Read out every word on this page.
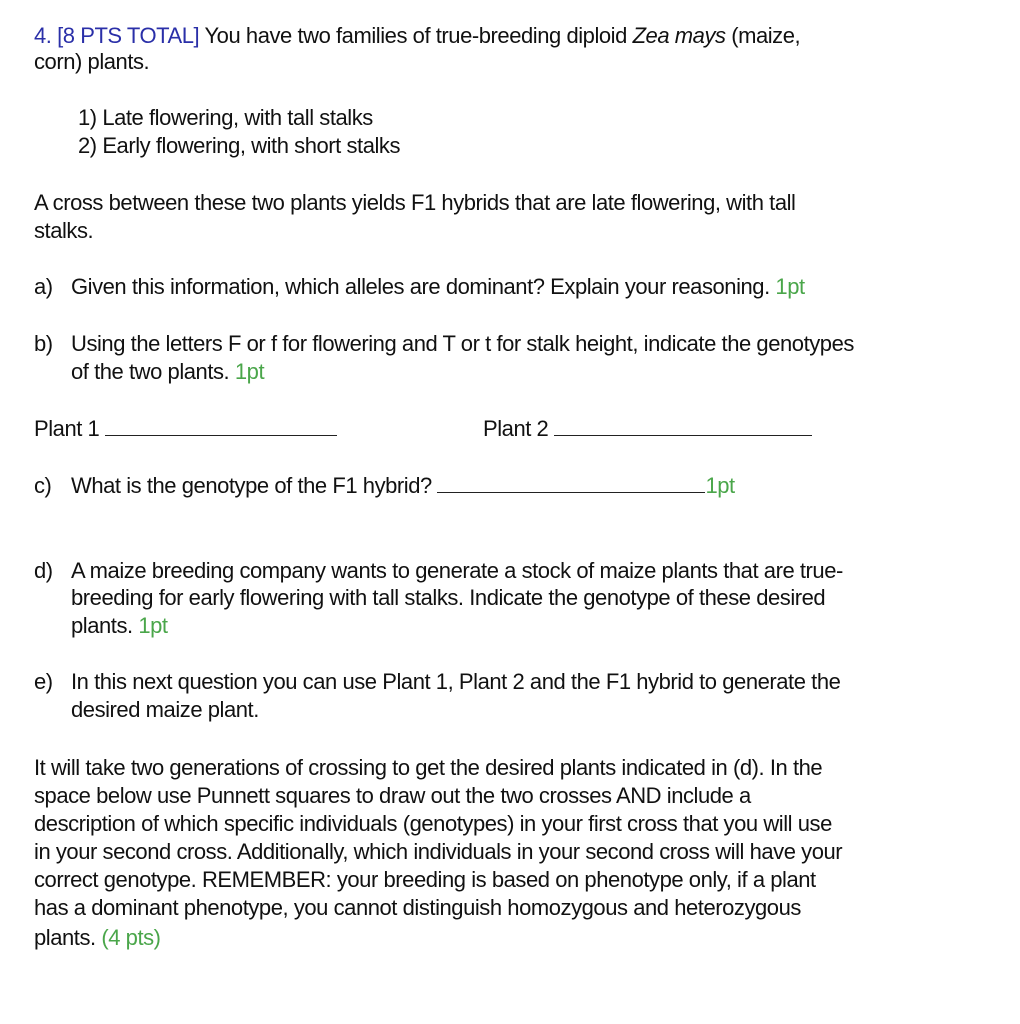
4. [8 PTS TOTAL] You have two families of true-breeding diploid Zea mays (maize,
corn) plants.
1) Late flowering, with tall stalks
2) Early flowering, with short stalks
A cross between these two plants yields F1 hybrids that are late flowering, with tall
stalks.
a) Given this information, which alleles are dominant? Explain your reasoning. 1pt
b) Using the letters F or f for flowering and T or t for stalk height, indicate the genotypes
of the two plants. 1pt
Plant 1	Plant 2
c) What is the genotype of the F1 hybrid?	1pt
d) A maize breeding company wants to generate a stock of maize plants that are true-
breeding for early flowering with tall stalks. Indicate the genotype of these desired
plants. 1pt
e) In this next question you can use Plant 1, Plant 2 and the F1 hybrid to generate the
desired maize plant.
It will take two generations of crossing to get the desired plants indicated in (d). In the
space below use Punnett squares to draw out the two crosses AND include a
description of which specific individuals (genotypes) in your first cross that you will use
in your second cross. Additionally, which individuals in your second cross will have your
correct genotype. REMEMBER: your breeding is based on phenotype only, if a plant
has a dominant phenotype, you cannot distinguish homozygous and heterozygous
plants. (4 pts)
